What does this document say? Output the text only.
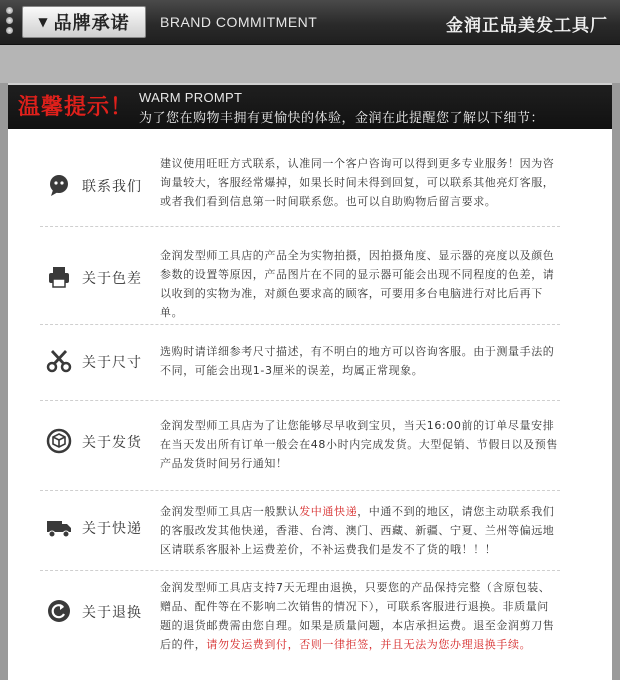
▼ 品牌承诺 BRAND COMMITMENT	金润正品美发工具厂
温馨提示！ WARM PROMPT
为了您在购物丰拥有更愉快的体验，金润在此提醒您了解以下细节：
联系我们
建议使用旺旺方式联系，认准同一个客户咨询可以得到更多专业服务！因为咨询量较大，客服经常爆掉，如果长时间未得到回复，可以联系其他亮灯客服，或者我们看到信息第一时间联系您。也可以自助购物后留言要求。
关于色差
金润发型师工具店的产品全为实物拍摄，因拍摄角度、显示器的亮度以及颜色参数的设置等原因，产品图片在不同的显示器可能会出现不同程度的色差，请以收到的实物为准，对颜色要求高的顾客，可要用多台电脑进行对比后再下单。
关于尺寸
选购时请详细参考尺寸描述，有不明白的地方可以咨询客服。由于测量手法的不同，可能会出现1-3厘米的误差，均属正常现象。
关于发货
金润发型师工具店为了让您能够尽早收到宝贝，当天16:00前的订单尽量安排在当天发出所有订单一般会在48小时内完成发货。大型促销、节假日以及预售产品发货时间另行通知！
关于快递
金润发型师工具店一般默认发中通快递，中通不到的地区，请您主动联系我们的客服改发其他快递，香港、台湾、澳门、西藏、新疆、宁夏、兰州等偏远地区请联系客服补上运费差价，不补运费我们是发不了货的哦！！！
关于退换
金润发型师工具店支持7天无理由退换，只要您的产品保持完整（含原包装、赠品、配件等在不影响二次销售的情况下），可联系客服进行退换。非质量问题的退货邮费需由您自理。如果是质量问题，本店承担运费。退至金润剪刀售后的件，请勿发运费到付，否则一律拒签，并且无法为您办理退换手续。
